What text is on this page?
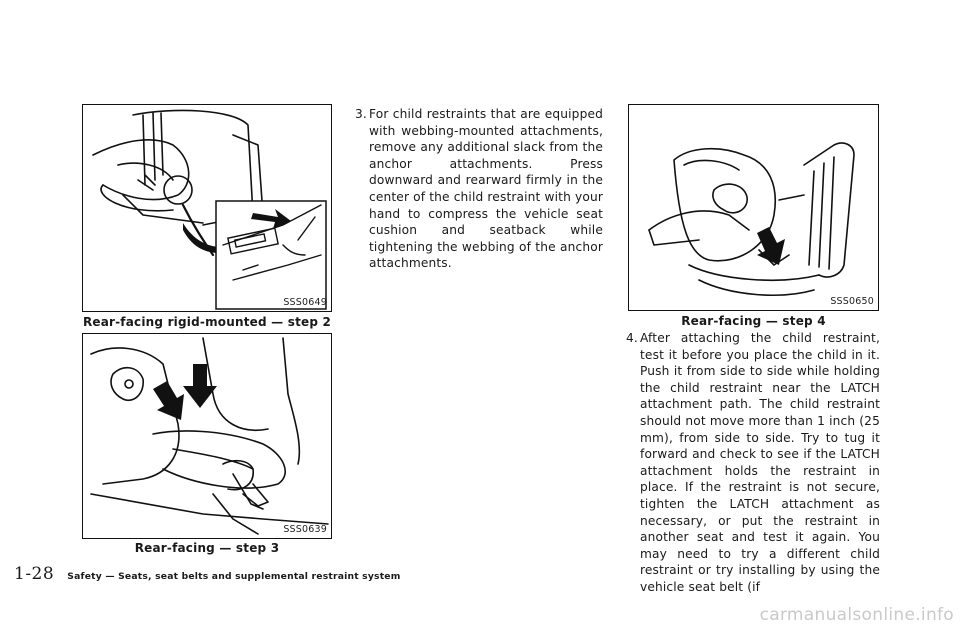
SSS0649
Rear-facing rigid-mounted — step 2
SSS0639
Rear-facing — step 3

3. For child restraints that are equipped with webbing-mounted attachments, remove any additional slack from the anchor attachments. Press downward and rearward firmly in the center of the child restraint with your hand to compress the vehicle seat cushion and seatback while tightening the webbing of the anchor attachments.

SSS0650
Rear-facing — step 4

4. After attaching the child restraint, test it before you place the child in it. Push it from side to side while holding the child restraint near the LATCH attachment path. The child restraint should not move more than 1 inch (25 mm), from side to side. Try to tug it forward and check to see if the LATCH attachment holds the restraint in place. If the restraint is not secure, tighten the LATCH attachment as necessary, or put the restraint in another seat and test it again. You may need to try a different child restraint or try installing by using the vehicle seat belt (if

1-28 Safety — Seats, seat belts and supplemental restraint system
carmanualsonline.info
